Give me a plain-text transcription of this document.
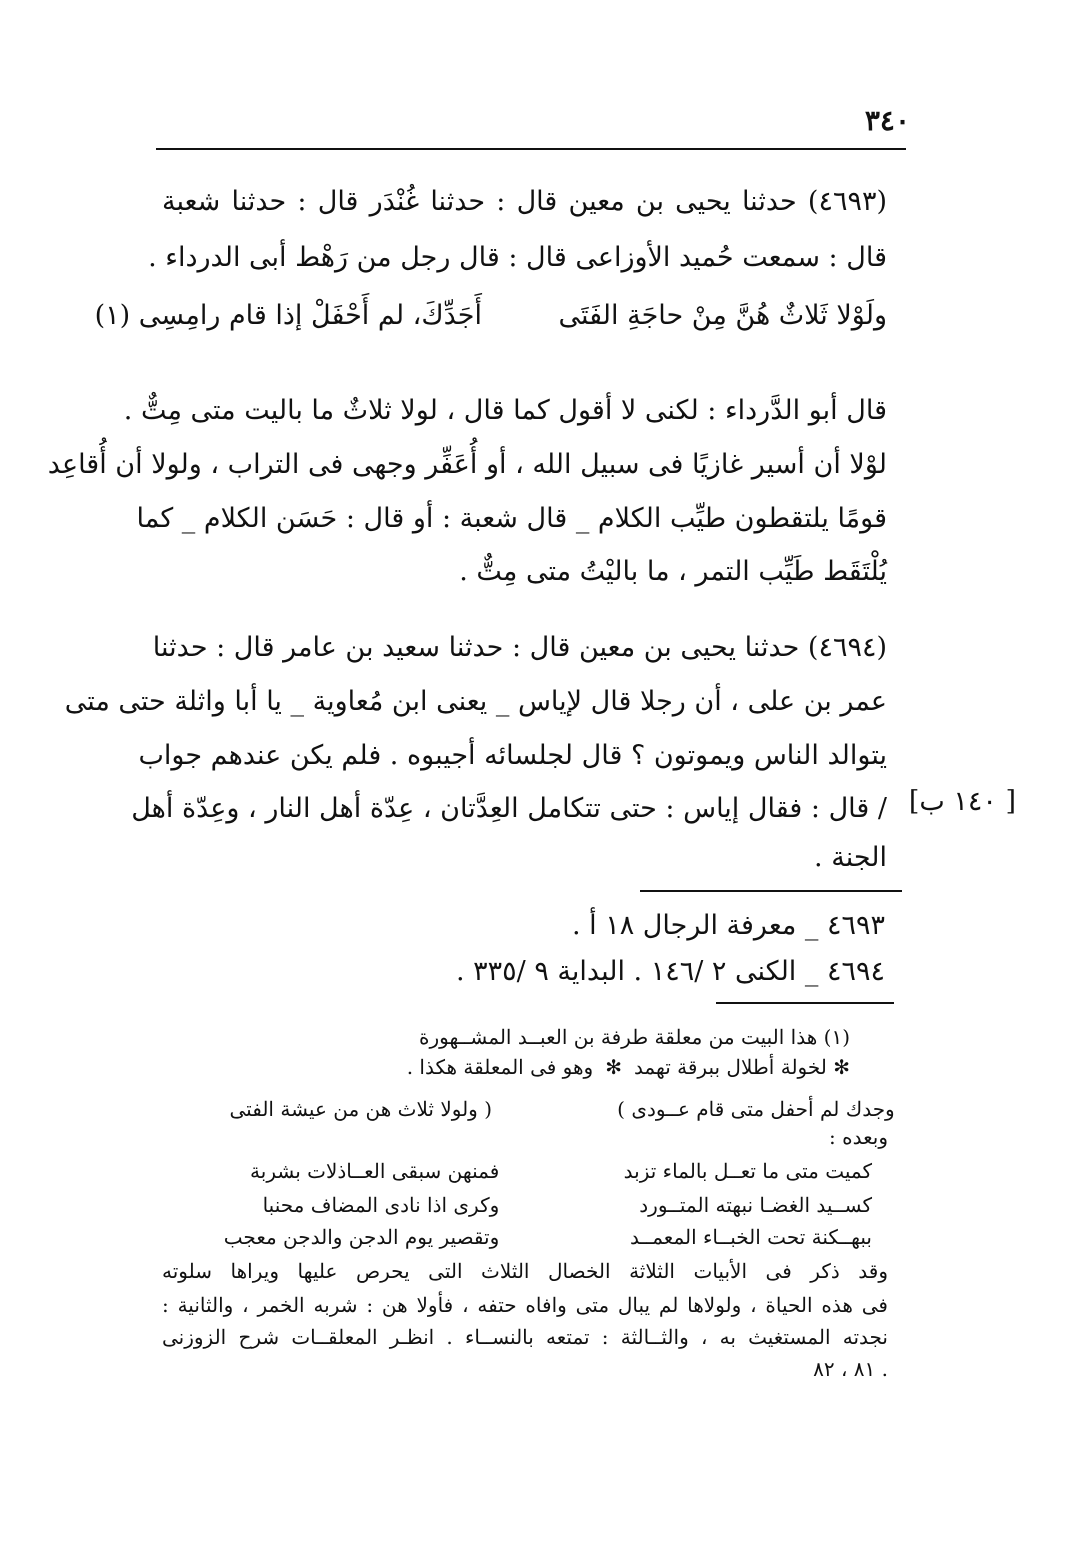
٣٤٠
(٤٦٩٣) حدثنا يحيى بن معين قال : حدثنا غُنْدَر قال : حدثنا شعبة
قال : سمعت حُميد الأوزاعى قال : قال رجل من رَهْط أبى الدرداء .
ولَوْلا ثَلاثٌ هُنَّ مِنْ حاجَةِ الفَتَى
أَجَدِّكَ، لم أَحْفَلْ إذا قام رامِسِى (١)
قال أبو الدَّرداء : لكنى لا أقول كما قال ، لولا ثلاثٌ ما باليت متى مِتٌّ .
لوْلا أن أسير غازيًا فى سبيل الله ، أو أُعَفِّر وجهى فى التراب ، ولولا أن أُقاعِد
قومًا يلتقطون طيِّب الكلام _ قال شعبة : أو قال : حَسَن الكلام _ كما
يُلْتَقَط طَيِّب التمر ، ما باليْتُ متى مِتٌّ .
(٤٦٩٤) حدثنا يحيى بن معين قال : حدثنا سعيد بن عامر قال : حدثنا
عمر بن على ، أن رجلا قال لإياس _ يعنى ابن مُعاوية _ يا أبا واثلة حتى متى
يتوالد الناس ويموتون ؟ قال لجلسائه أجيبوه . فلم يكن عندهم جواب
/ قال : فقال إياس : حتى تتكامل العِدَّتان ، عِدّة أهل النار ، وعِدّة أهل
الجنة .
[ ١٤٠ ب]
٤٦٩٣ _ معرفة الرجال ١٨ أ .
٤٦٩٤ _ الكنى ٢ /١٤٦ . البداية ٩ /٣٣٥ .
(١) هذا البيت من معلقة طرفة بن العبــد المشــهورة
✻ لخولة أطلال ببرقة تهمد ✻ وهو فى المعلقة هكذا .
( ولولا ثلاث هن من عيشة الفتى	وجدك لم أحفل متى قام عــودى )
وبعده :
فمنهن سبقى العــاذلات بشربة	كميت متى ما تعــل بالماء تزبد
وكرى اذا نادى المضاف محنبا	كســيد الغضـا نبهته المتــورد
وتقصير يوم الدجن والدجن معجب	ببهــكنة تحت الخبــاء المعمــد
وقد ذكر فى الأبيات الثلاثة الخصال الثلاث التى يحرص عليها ويراها سلوته
فى هذه الحياة ، ولولاها لم يبال متى وافاه حتفه ، فأولا هن : شربه الخمر ، والثانية :
نجدته المستغيث به ، والثــالثة : تمتعه بالنســاء . انظـر المعلقــات شرح الزوزنى
٨١ ، ٨٢ .
